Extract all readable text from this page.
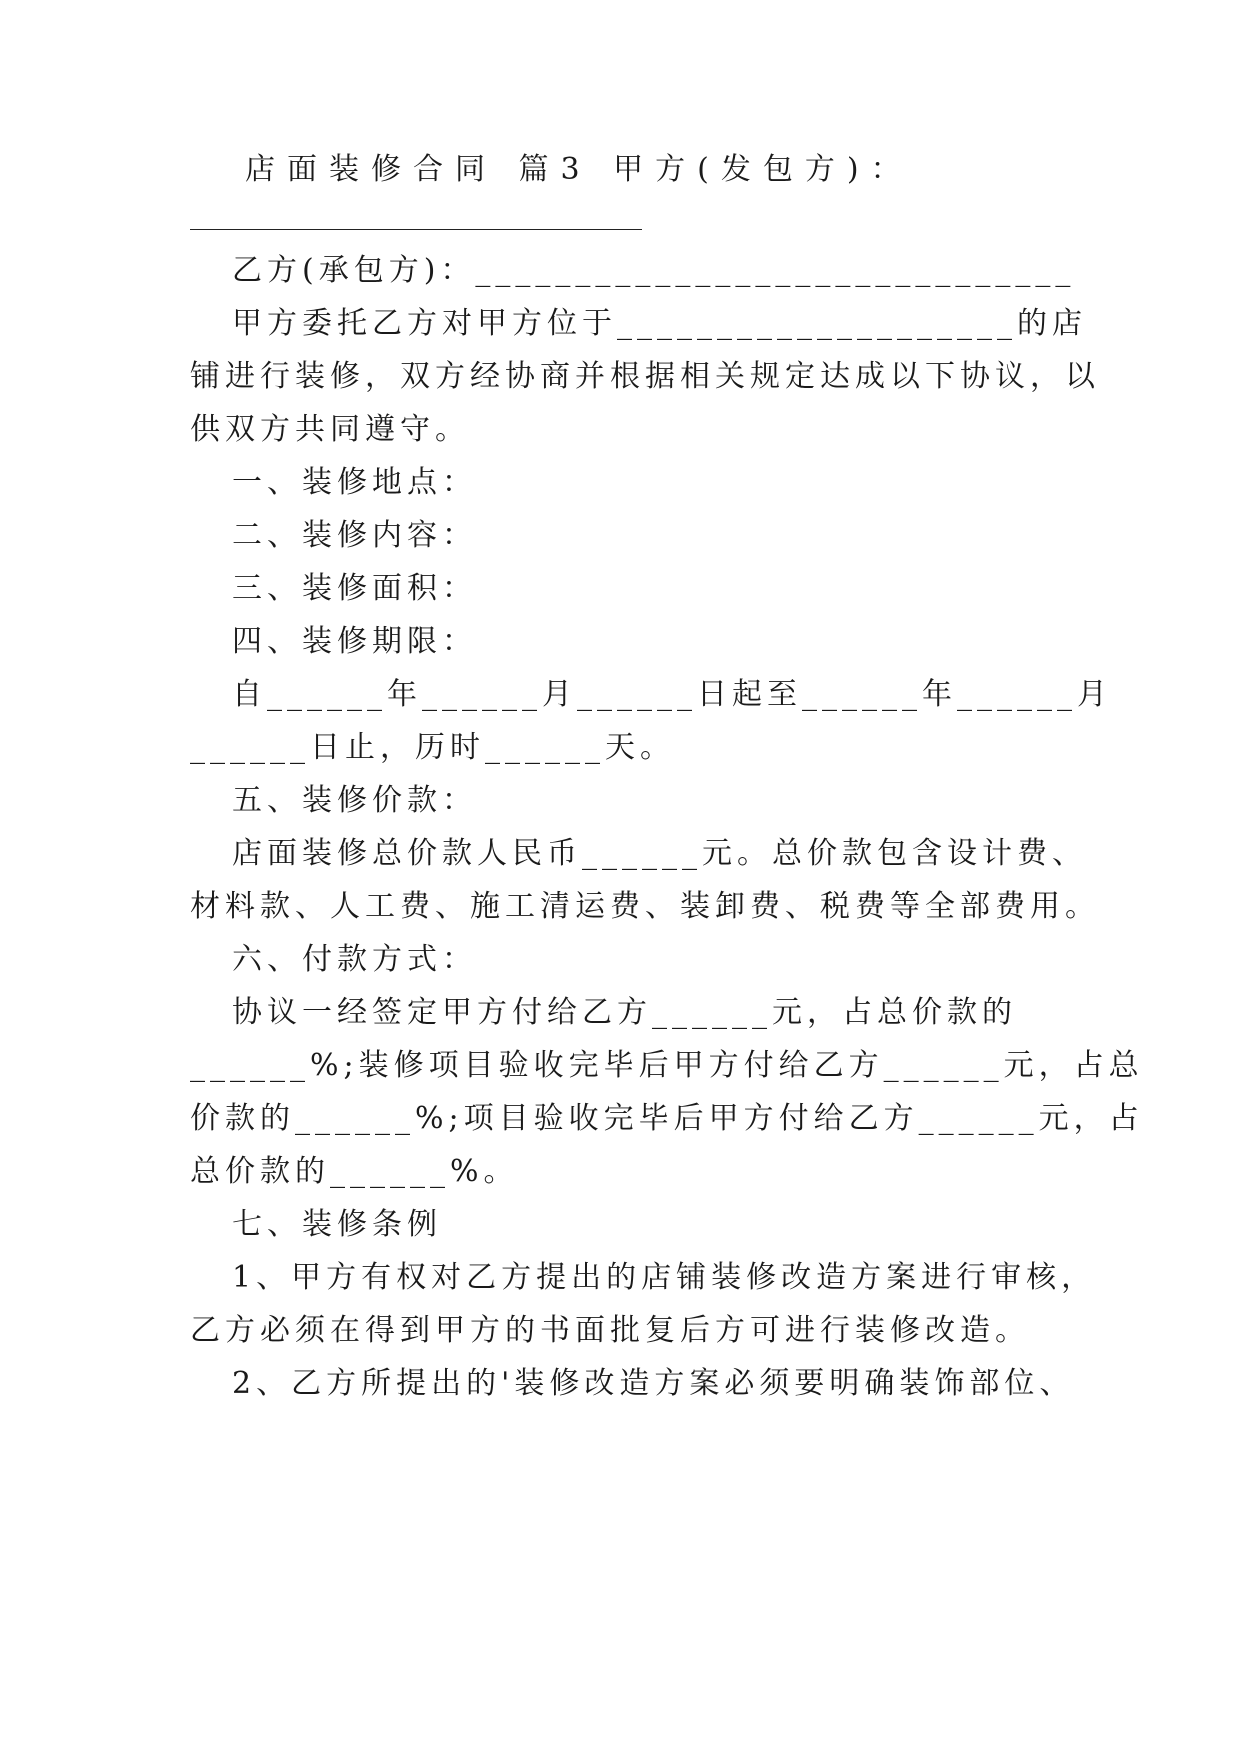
店面装修合同 篇3 甲方(发包方)：
乙方(承包方)：______________________________
甲方委托乙方对甲方位于____________________的店
铺进行装修，双方经协商并根据相关规定达成以下协议，以
供双方共同遵守。
一、装修地点：
二、装修内容：
三、装修面积：
四、装修期限：
自______年______月______日起至______年______月
______日止，历时______天。
五、装修价款：
店面装修总价款人民币______元。总价款包含设计费、
材料款、人工费、施工清运费、装卸费、税费等全部费用。
六、付款方式：
协议一经签定甲方付给乙方______元，占总价款的
______%;装修项目验收完毕后甲方付给乙方______元，占总
价款的______%;项目验收完毕后甲方付给乙方______元，占
总价款的______%。
七、装修条例
1、甲方有权对乙方提出的店铺装修改造方案进行审核，
乙方必须在得到甲方的书面批复后方可进行装修改造。
2、乙方所提出的'装修改造方案必须要明确装饰部位、
